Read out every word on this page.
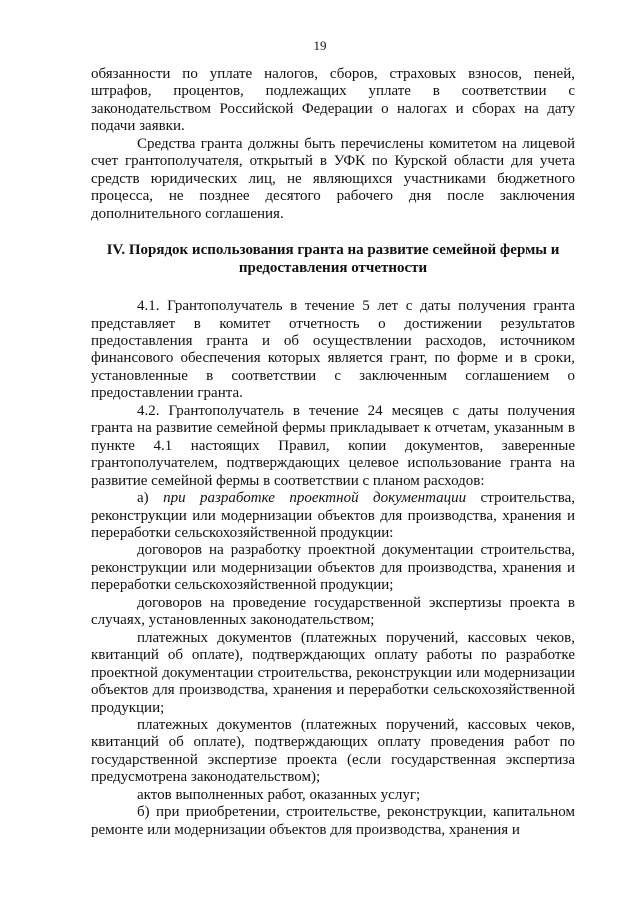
19

обязанности по уплате налогов, сборов, страховых взносов, пеней, штрафов, процентов, подлежащих уплате в соответствии с законодательством Российской Федерации о налогах и сборах на дату подачи заявки.

Средства гранта должны быть перечислены комитетом на лицевой счет грантополучателя, открытый в УФК по Курской области для учета средств юридических лиц, не являющихся участниками бюджетного процесса, не позднее десятого рабочего дня после заключения дополнительного соглашения.

IV. Порядок использования гранта на развитие семейной фермы и предоставления отчетности

4.1. Грантополучатель в течение 5 лет с даты получения гранта представляет в комитет отчетность о достижении результатов предоставления гранта и об осуществлении расходов, источником финансового обеспечения которых является грант, по форме и в сроки, установленные в соответствии с заключенным соглашением о предоставлении гранта.

4.2. Грантополучатель в течение 24 месяцев с даты получения гранта на развитие семейной фермы прикладывает к отчетам, указанным в пункте 4.1 настоящих Правил, копии документов, заверенные грантополучателем, подтверждающих целевое использование гранта на развитие семейной фермы в соответствии с планом расходов:

а) при разработке проектной документации строительства, реконструкции или модернизации объектов для производства, хранения и переработки сельскохозяйственной продукции:

договоров на разработку проектной документации строительства, реконструкции или модернизации объектов для производства, хранения и переработки сельскохозяйственной продукции;

договоров на проведение государственной экспертизы проекта в случаях, установленных законодательством;

платежных документов (платежных поручений, кассовых чеков, квитанций об оплате), подтверждающих оплату работы по разработке проектной документации строительства, реконструкции или модернизации объектов для производства, хранения и переработки сельскохозяйственной продукции;

платежных документов (платежных поручений, кассовых чеков, квитанций об оплате), подтверждающих оплату проведения работ по государственной экспертизе проекта (если государственная экспертиза предусмотрена законодательством);

актов выполненных работ, оказанных услуг;

б) при приобретении, строительстве, реконструкции, капитальном ремонте или модернизации объектов для производства, хранения и
